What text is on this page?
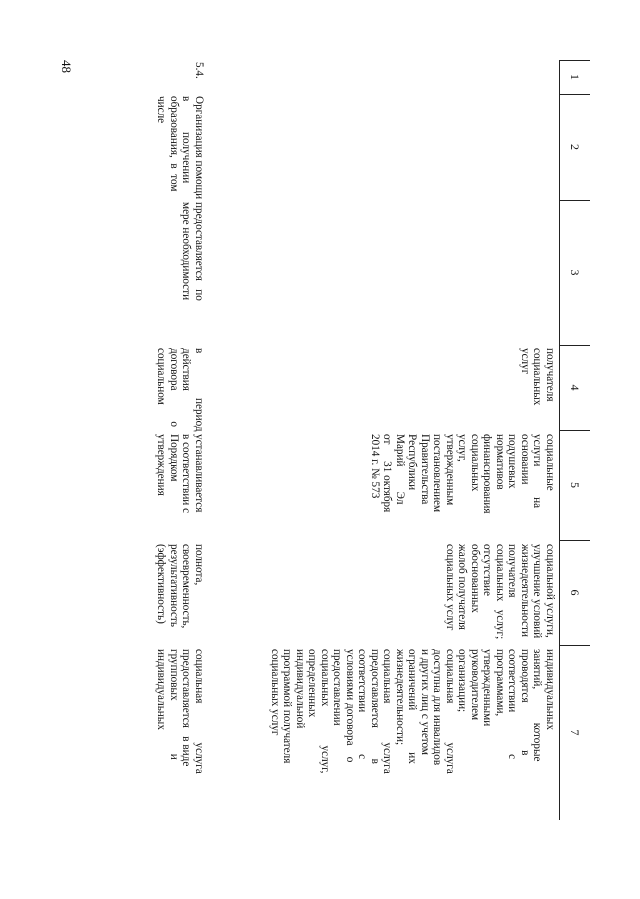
48
1
2
3
4
5
6
7
получателя
социальных
услуг
социальные
услуги           на
основании
подушевых
нормативов
финансирования
социальных
услуг,
утвержденным
постановлением
Правительства
Республики
Марий         Эл
от      31 октября
2014 г. № 573
социальной услуги,
улучшение условий
жизнедеятельности
получателя
социальных   услуг;
отсутствие
обоснованных
жалоб получателя
социальных услуг
индивидуальных
занятий,            которые
проводятся                 в
соответствии               с
программами,
утвержденными
руководителем
организации;
социальная              услуга
доступна для инвалидов
и других лиц с учетом
ограничений               их
жизнедеятельности;
социальная              услуга
предоставляется           в
соответствии               с
условиями договора    о
предоставлении
социальных              услуг,
определенных
индивидуальной
программой получателя
социальных услуг
5.4.
Организация помощи
в           получении
образования,  в  том
числе
предоставляется   по
мере необходимости
в                период
действия
договора           о
социальном
устанавливается
в соответствии с
Порядком
утверждения
полнота,
своевременность,
результативность
(эффективность)
социальная              услуга
предоставляется   в виде
групповых                   и
индивидуальных
